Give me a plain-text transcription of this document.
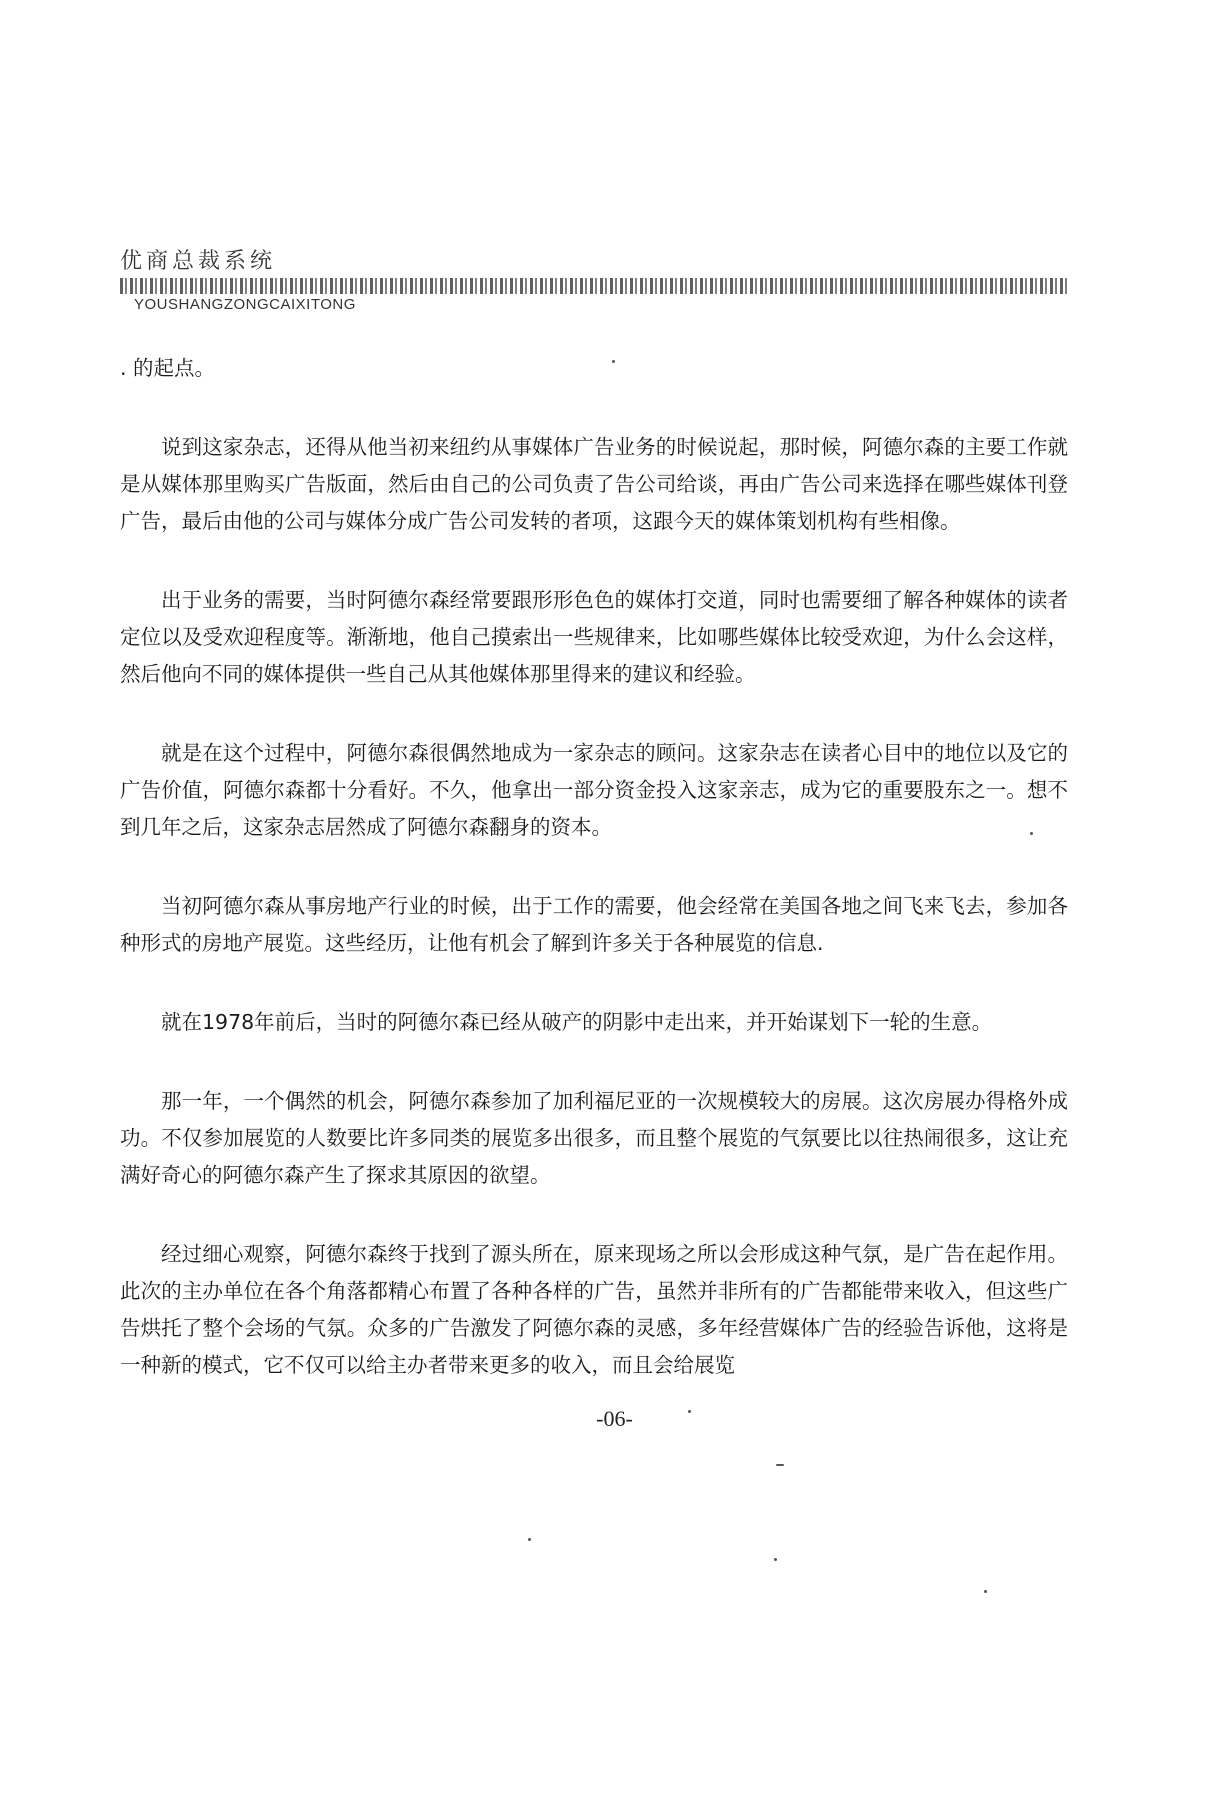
优商总裁系统
YOUSHANGZONGCAIXITONG

. 的起点。

说到这家杂志，还得从他当初来纽约从事媒体广告业务的时候说起，那时候，阿德尔森的主要工作就是从媒体那里购买广告版面，然后由自己的公司负责了告公司给谈，再由广告公司来选择在哪些媒体刊登广告，最后由他的公司与媒体分成广告公司发转的者项，这跟今天的媒体策划机构有些相像。

出于业务的需要，当时阿德尔森经常要跟形形色色的媒体打交道，同时也需要细了解各种媒体的读者定位以及受欢迎程度等。渐渐地，他自己摸索出一些规律来，比如哪些媒体比较受欢迎，为什么会这样，然后他向不同的媒体提供一些自己从其他媒体那里得来的建议和经验。

就是在这个过程中，阿德尔森很偶然地成为一家杂志的顾问。这家杂志在读者心目中的地位以及它的广告价值，阿德尔森都十分看好。不久，他拿出一部分资金投入这家亲志，成为它的重要股东之一。想不到几年之后，这家杂志居然成了阿德尔森翻身的资本。

当初阿德尔森从事房地产行业的时候，出于工作的需要，他会经常在美国各地之间飞来飞去，参加各种形式的房地产展览。这些经历，让他有机会了解到许多关于各种展览的信息.

就在1978年前后，当时的阿德尔森已经从破产的阴影中走出来，并开始谋划下一轮的生意。

那一年，一个偶然的机会，阿德尔森参加了加利福尼亚的一次规模较大的房展。这次房展办得格外成功。不仅参加展览的人数要比许多同类的展览多出很多，而且整个展览的气氛要比以往热闹很多，这让充满好奇心的阿德尔森产生了探求其原因的欲望。

经过细心观察，阿德尔森终于找到了源头所在，原来现场之所以会形成这种气氛，是广告在起作用。此次的主办单位在各个角落都精心布置了各种各样的广告，虽然并非所有的广告都能带来收入，但这些广告烘托了整个会场的气氛。众多的广告激发了阿德尔森的灵感，多年经营媒体广告的经验告诉他，这将是一种新的模式，它不仅可以给主办者带来更多的收入，而且会给展览

-06-
